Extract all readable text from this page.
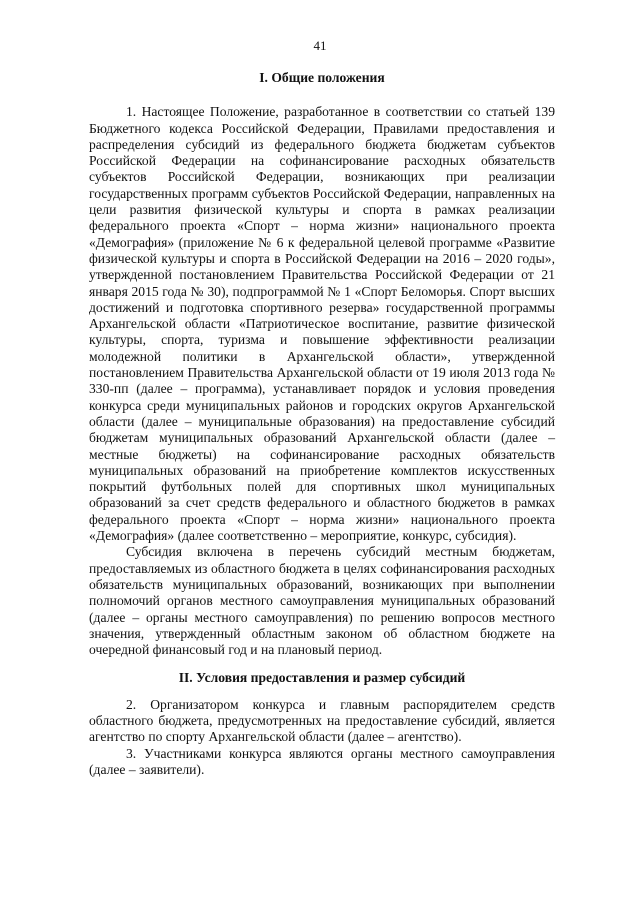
41
I. Общие положения

1. Настоящее Положение, разработанное в соответствии со статьей 139 Бюджетного кодекса Российской Федерации, Правилами предоставления и распределения субсидий из федерального бюджета бюджетам субъектов Российской Федерации на софинансирование расходных обязательств субъектов Российской Федерации, возникающих при реализации государственных программ субъектов Российской Федерации, направленных на цели развития физической культуры и спорта в рамках реализации федерального проекта «Спорт – норма жизни» национального проекта «Демография» (приложение № 6 к федеральной целевой программе «Развитие физической культуры и спорта в Российской Федерации на 2016 – 2020 годы», утвержденной постановлением Правительства Российской Федерации от 21 января 2015 года № 30), подпрограммой № 1 «Спорт Беломорья. Спорт высших достижений и подготовка спортивного резерва» государственной программы Архангельской области «Патриотическое воспитание, развитие физической культуры, спорта, туризма и повышение эффективности реализации молодежной политики в Архангельской области», утвержденной постановлением Правительства Архангельской области от 19 июля 2013 года № 330-пп (далее – программа), устанавливает порядок и условия проведения конкурса среди муниципальных районов и городских округов Архангельской области (далее – муниципальные образования) на предоставление субсидий бюджетам муниципальных образований Архангельской области (далее – местные бюджеты) на софинансирование расходных обязательств муниципальных образований на приобретение комплектов искусственных покрытий футбольных полей для спортивных школ муниципальных образований за счет средств федерального и областного бюджетов в рамках федерального проекта «Спорт – норма жизни» национального проекта «Демография» (далее соответственно – мероприятие, конкурс, субсидия).

Субсидия включена в перечень субсидий местным бюджетам, предоставляемых из областного бюджета в целях софинансирования расходных обязательств муниципальных образований, возникающих при выполнении полномочий органов местного самоуправления муниципальных образований (далее – органы местного самоуправления) по решению вопросов местного значения, утвержденный областным законом об областном бюджете на очередной финансовый год и на плановый период.

II. Условия предоставления и размер субсидий

2. Организатором конкурса и главным распорядителем средств областного бюджета, предусмотренных на предоставление субсидий, является агентство по спорту Архангельской области (далее – агентство).

3. Участниками конкурса являются органы местного самоуправления (далее – заявители).
